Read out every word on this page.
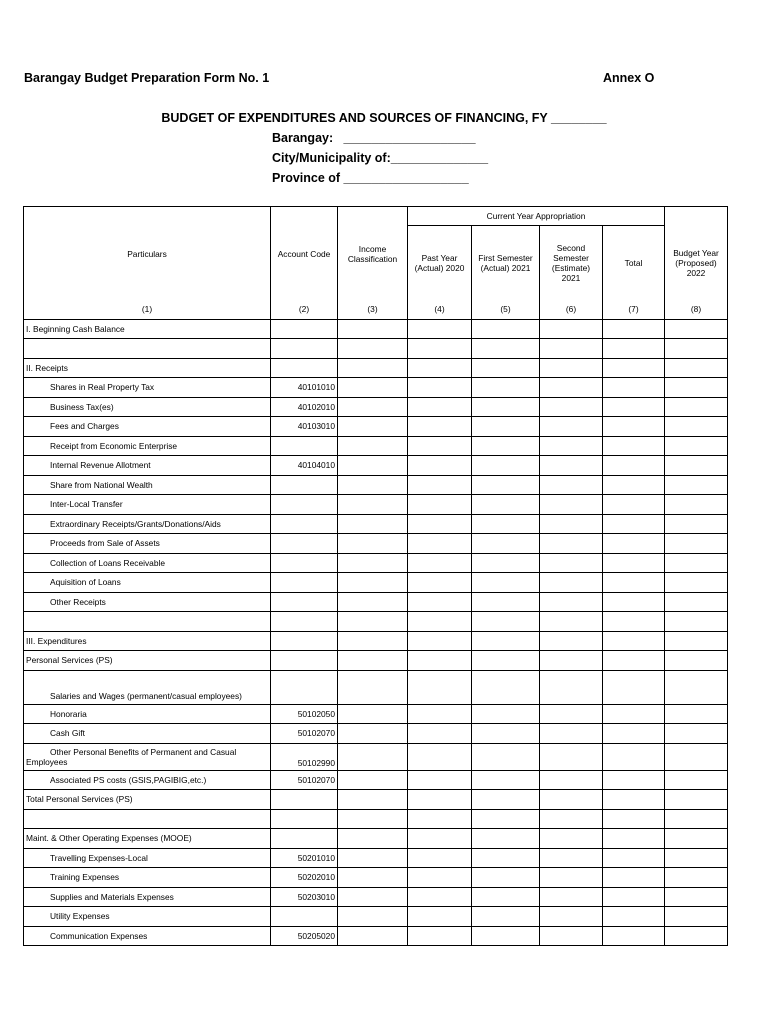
Barangay Budget Preparation Form No. 1	Annex O
BUDGET OF EXPENDITURES AND SOURCES OF FINANCING, FY ________
Barangay:   ___________________
City/Municipality of:______________
Province of __________________
Particulars	Account Code	Income Classification	Current Year Appropriation				
			Past Year (Actual) 2020	First Semester (Actual) 2021	Second Semester (Estimate) 2021	Total	Budget Year (Proposed) 2022
(1)	(2)	(3)	(4)	(5)	(6)	(7)	(8)
I. Beginning Cash Balance							

II. Receipts							
Shares in Real Property Tax	40101010						
Business Tax(es)	40102010						
Fees and Charges	40103010						
Receipt from Economic Enterprise							
Internal Revenue Allotment	40104010						
Share from National Wealth							
Inter-Local Transfer							
Extraordinary Receipts/Grants/Donations/Aids							
Proceeds from Sale of Assets							
Collection of Loans Receivable							
Aquisition of Loans							
Other Receipts							

III. Expenditures							
Personal Services (PS)							
Salaries and Wages (permanent/casual employees)							
Honoraria	50102050						
Cash Gift	50102070						

Other Personal Benefits of Permanent and Casual
Employees	50102990						
Associated PS costs (GSIS,PAGIBIG,etc.)	50102070						
Total Personal Services (PS)							

Maint. & Other Operating Expenses (MOOE)							
Travelling Expenses-Local	50201010						
Training Expenses	50202010						
Supplies and Materials Expenses	50203010						
Utility Expenses							
Communication Expenses	50205020						
